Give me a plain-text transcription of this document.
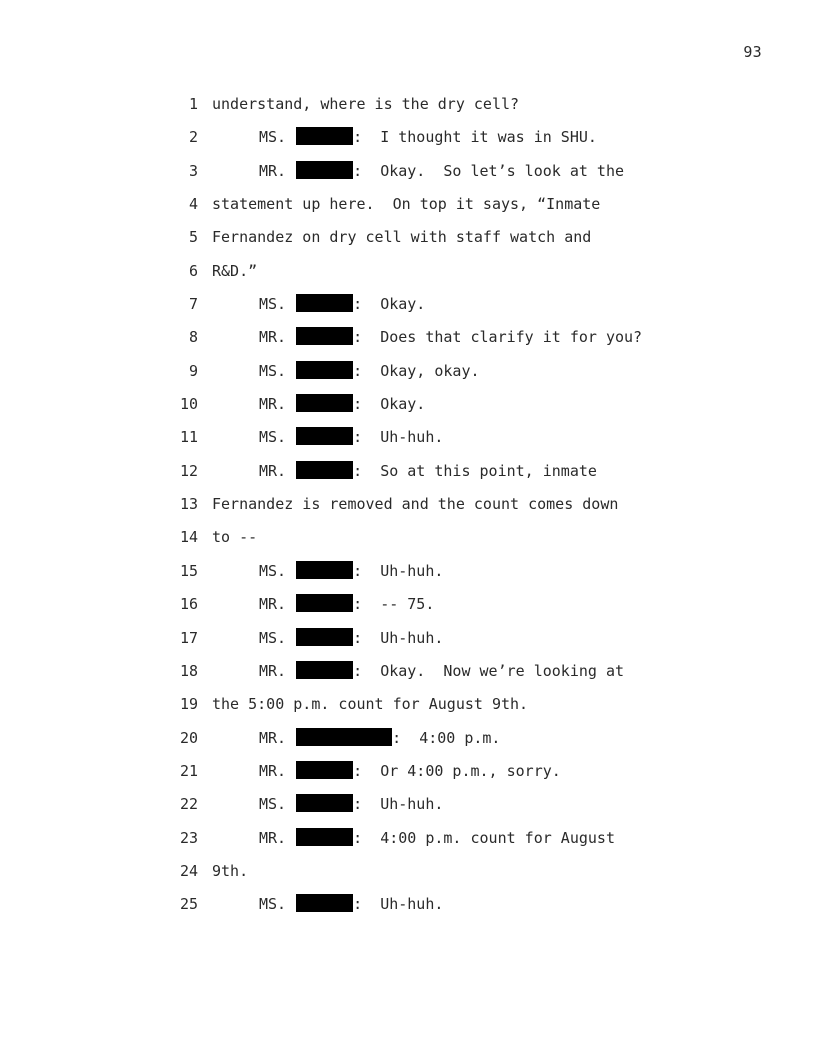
93
1 understand, where is the dry cell?
2	MS.	:  I thought it was in SHU.
3	MR.	:  Okay.  So let’s look at the
4 statement up here.  On top it says, “Inmate
5 Fernandez on dry cell with staff watch and
6 R&D.”
7	MS.	:  Okay.
8	MR.	:  Does that clarify it for you?
9	MS.	:  Okay, okay.
10	MR.	:  Okay.
11	MS.	:  Uh-huh.
12	MR.	:  So at this point, inmate
13 Fernandez is removed and the count comes down
14 to --
15	MS.	:  Uh-huh.
16	MR.	:  -- 75.
17	MS.	:  Uh-huh.
18	MR.	:  Okay.  Now we’re looking at
19 the 5:00 p.m. count for August 9th.
20	MR.	:  4:00 p.m.
21	MR.	:  Or 4:00 p.m., sorry.
22	MS.	:  Uh-huh.
23	MR.	:  4:00 p.m. count for August
24 9th.
25	MS.	:  Uh-huh.
